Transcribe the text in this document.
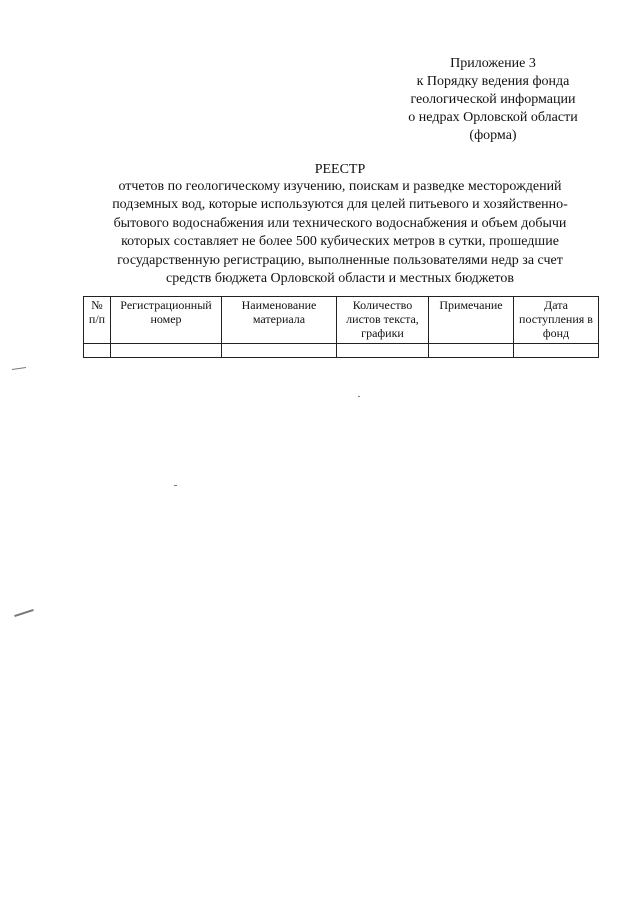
Приложение 3
к Порядку ведения фонда
геологической информации
о недрах Орловской области
(форма)
РЕЕСТР
отчетов по геологическому изучению, поискам и разведке месторождений
подземных вод, которые используются для целей питьевого и хозяйственно-
бытового водоснабжения или технического водоснабжения и объем добычи
которых составляет не более 500 кубических метров в сутки, прошедшие
государственную регистрацию, выполненные пользователями недр за счет
средств бюджета Орловской области и местных бюджетов
№ п/п	Регистрационный номер	Наименование материала	Количество листов текста, графики	Примечание	Дата поступления в фонд
